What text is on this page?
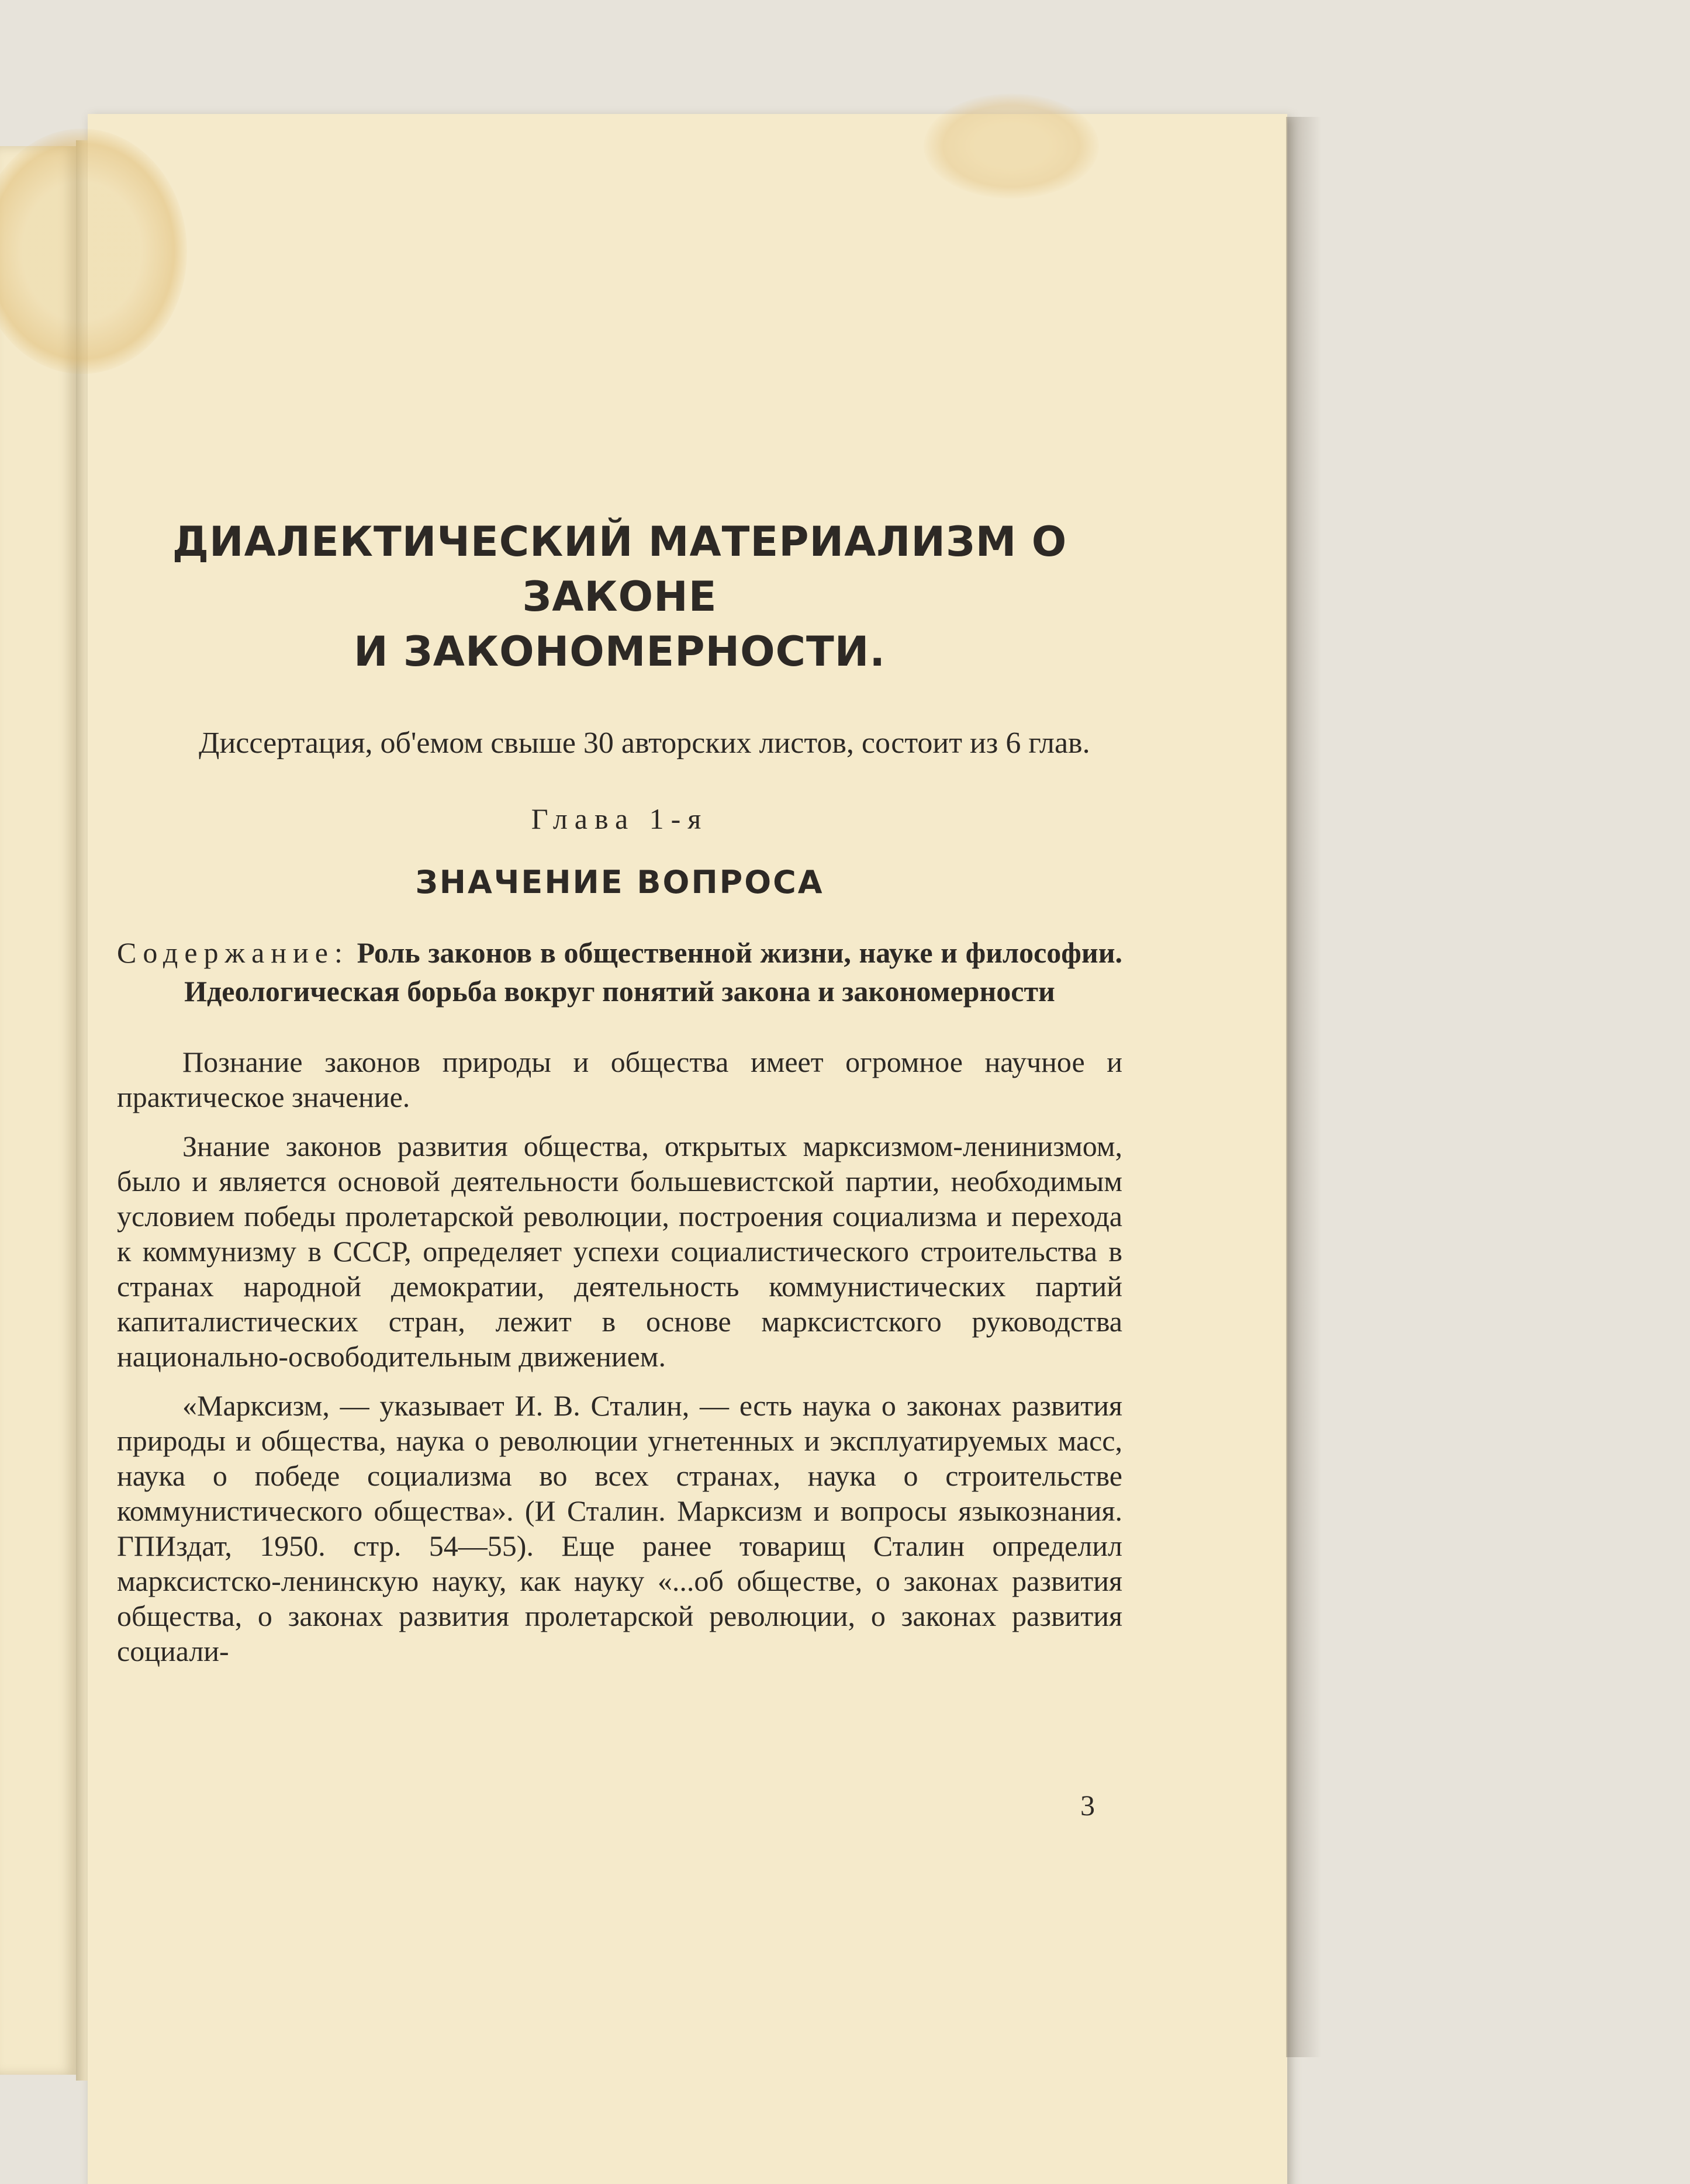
ДИАЛЕКТИЧЕСКИЙ МАТЕРИАЛИЗМ О ЗАКОНЕ
И ЗАКОНОМЕРНОСТИ.

Диссертация, об'емом свыше 30 авторских листов, состоит из 6 глав.

Глава 1-я

ЗНАЧЕНИЕ ВОПРОСА

Содержание: Роль законов в общественной жизни, науке и философии. Идеологическая борьба вокруг понятий закона и закономерности

Познание законов природы и общества имеет огромное научное и практическое значение.

Знание законов развития общества, открытых марксизмом-ленинизмом, было и является основой деятельности большевистской партии, необходимым условием победы пролетарской революции, построения социализма и перехода к коммунизму в СССР, определяет успехи социалистического строительства в странах народной демократии, деятельность коммунистических партий капиталистических стран, лежит в основе марксистского руководства национально-освободительным движением.

«Марксизм, — указывает И. В. Сталин, — есть наука о законах развития природы и общества, наука о революции угнетенных и эксплуатируемых масс, наука о победе социализма во всех странах, наука о строительстве коммунистического общества». (И Сталин. Марксизм и вопросы языкознания. ГПИздат, 1950. стр. 54—55). Еще ранее товарищ Сталин определил марксистско-ленинскую науку, как науку «...об обществе, о законах развития общества, о законах развития пролетарской революции, о законах развития социали-

3
